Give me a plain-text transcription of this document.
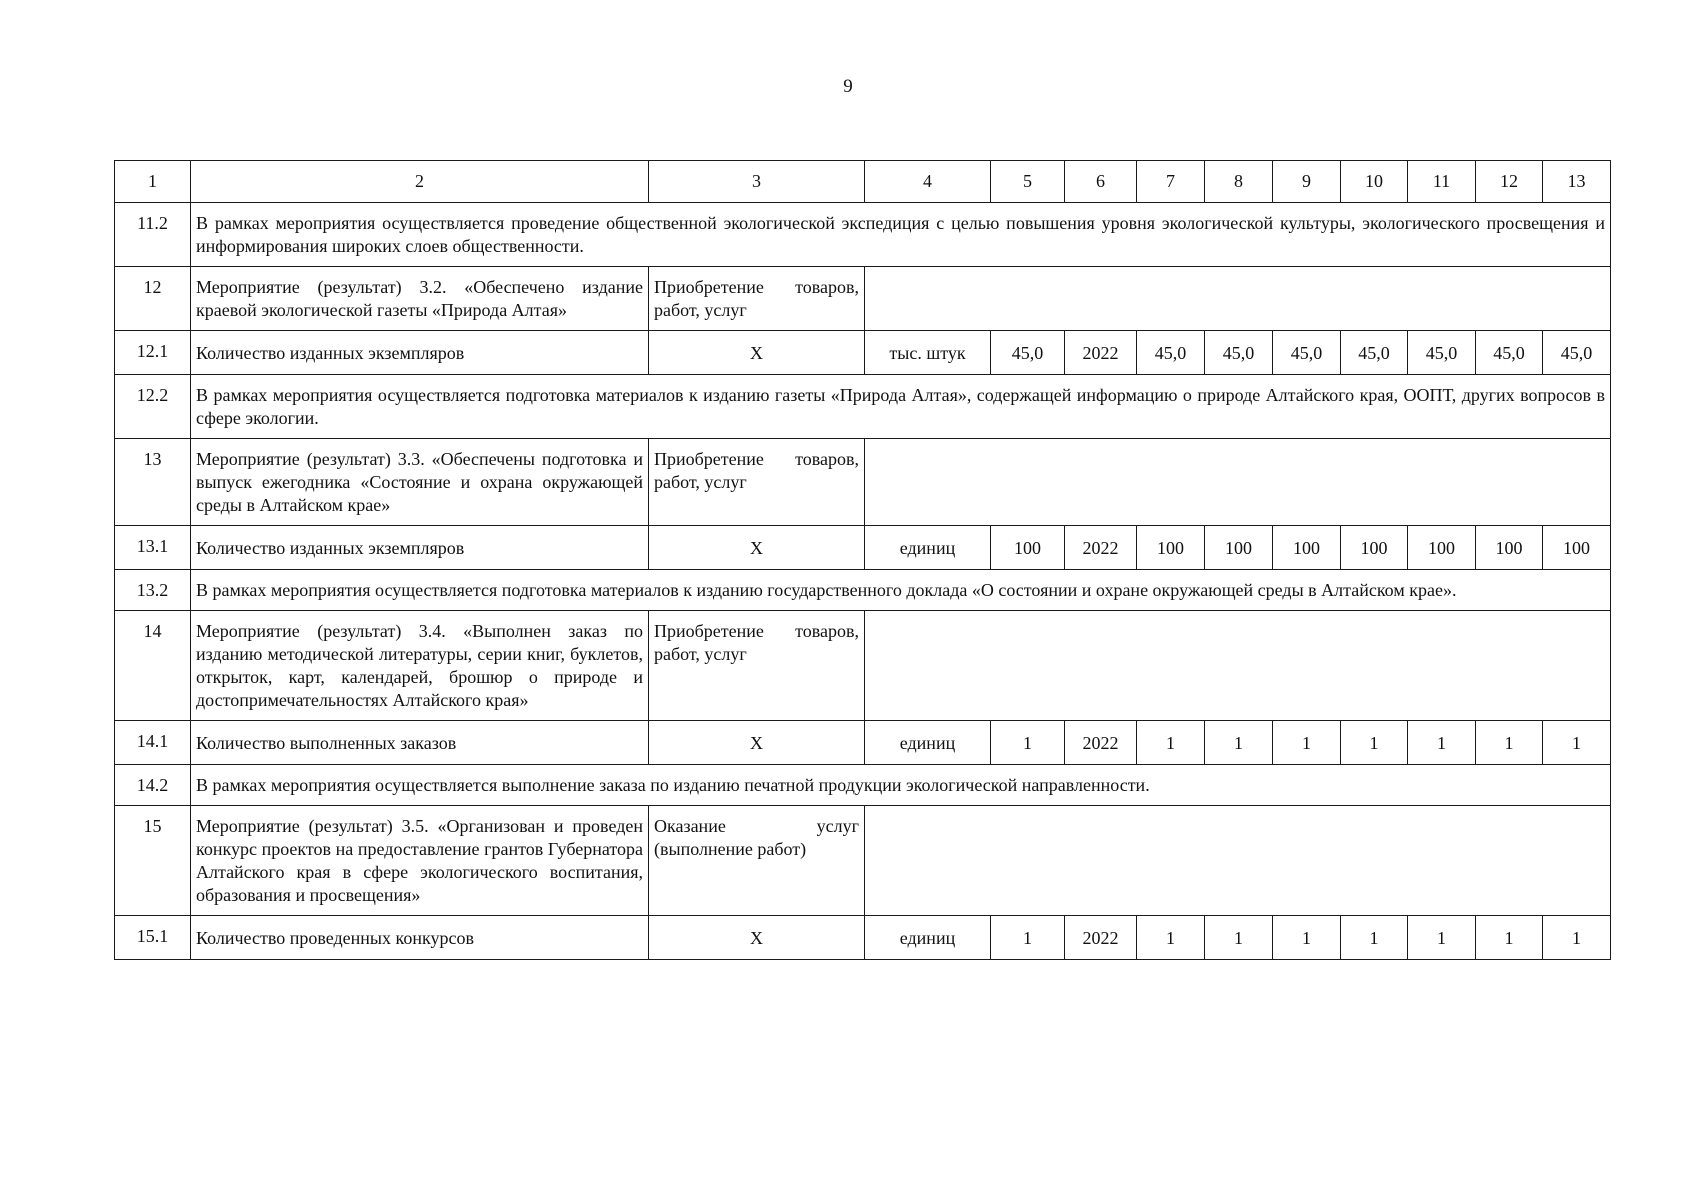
9
1	2	3	4	5	6	7	8	9	10	11	12	13
11.2	В рамках мероприятия осуществляется проведение общественной экологической экспедиция с целью повышения уровня экологической культуры, экологического просвещения и информирования широких слоев общественности.											
12	Мероприятие (результат) 3.2. «Обеспечено издание краевой экологической газеты «Природа Алтая»	Приобретение товаров, работ, услуг										
12.1	Количество изданных экземпляров	Х	тыс. штук	45,0	2022	45,0	45,0	45,0	45,0	45,0	45,0	45,0
12.2	В рамках мероприятия осуществляется подготовка материалов к изданию газеты «Природа Алтая», содержащей информацию о природе Алтайского края, ООПТ, других вопросов в сфере экологии.											
13	Мероприятие (результат) 3.3. «Обеспечены подготовка и выпуск ежегодника «Состояние и охрана окружающей среды в Алтайском крае»	Приобретение товаров, работ, услуг										
13.1	Количество изданных экземпляров	Х	единиц	100	2022	100	100	100	100	100	100	100
13.2	В рамках мероприятия осуществляется подготовка материалов к изданию государственного доклада «О состоянии и охране окружающей среды в Алтайском крае».											
14	Мероприятие (результат) 3.4. «Выполнен заказ по изданию методической литературы, серии книг, буклетов, открыток, карт, календарей, брошюр о природе и достопримечательностях Алтайского края»	Приобретение товаров, работ, услуг										
14.1	Количество выполненных заказов	Х	единиц	1	2022	1	1	1	1	1	1	1
14.2	В рамках мероприятия осуществляется выполнение заказа по изданию печатной продукции экологической направленности.											
15	Мероприятие (результат) 3.5. «Организован и проведен конкурс проектов на предоставление грантов Губернатора Алтайского края в сфере экологического воспитания, образования и просвещения»	Оказание услуг (выполнение работ)										
15.1	Количество проведенных конкурсов	Х	единиц	1	2022	1	1	1	1	1	1	1
